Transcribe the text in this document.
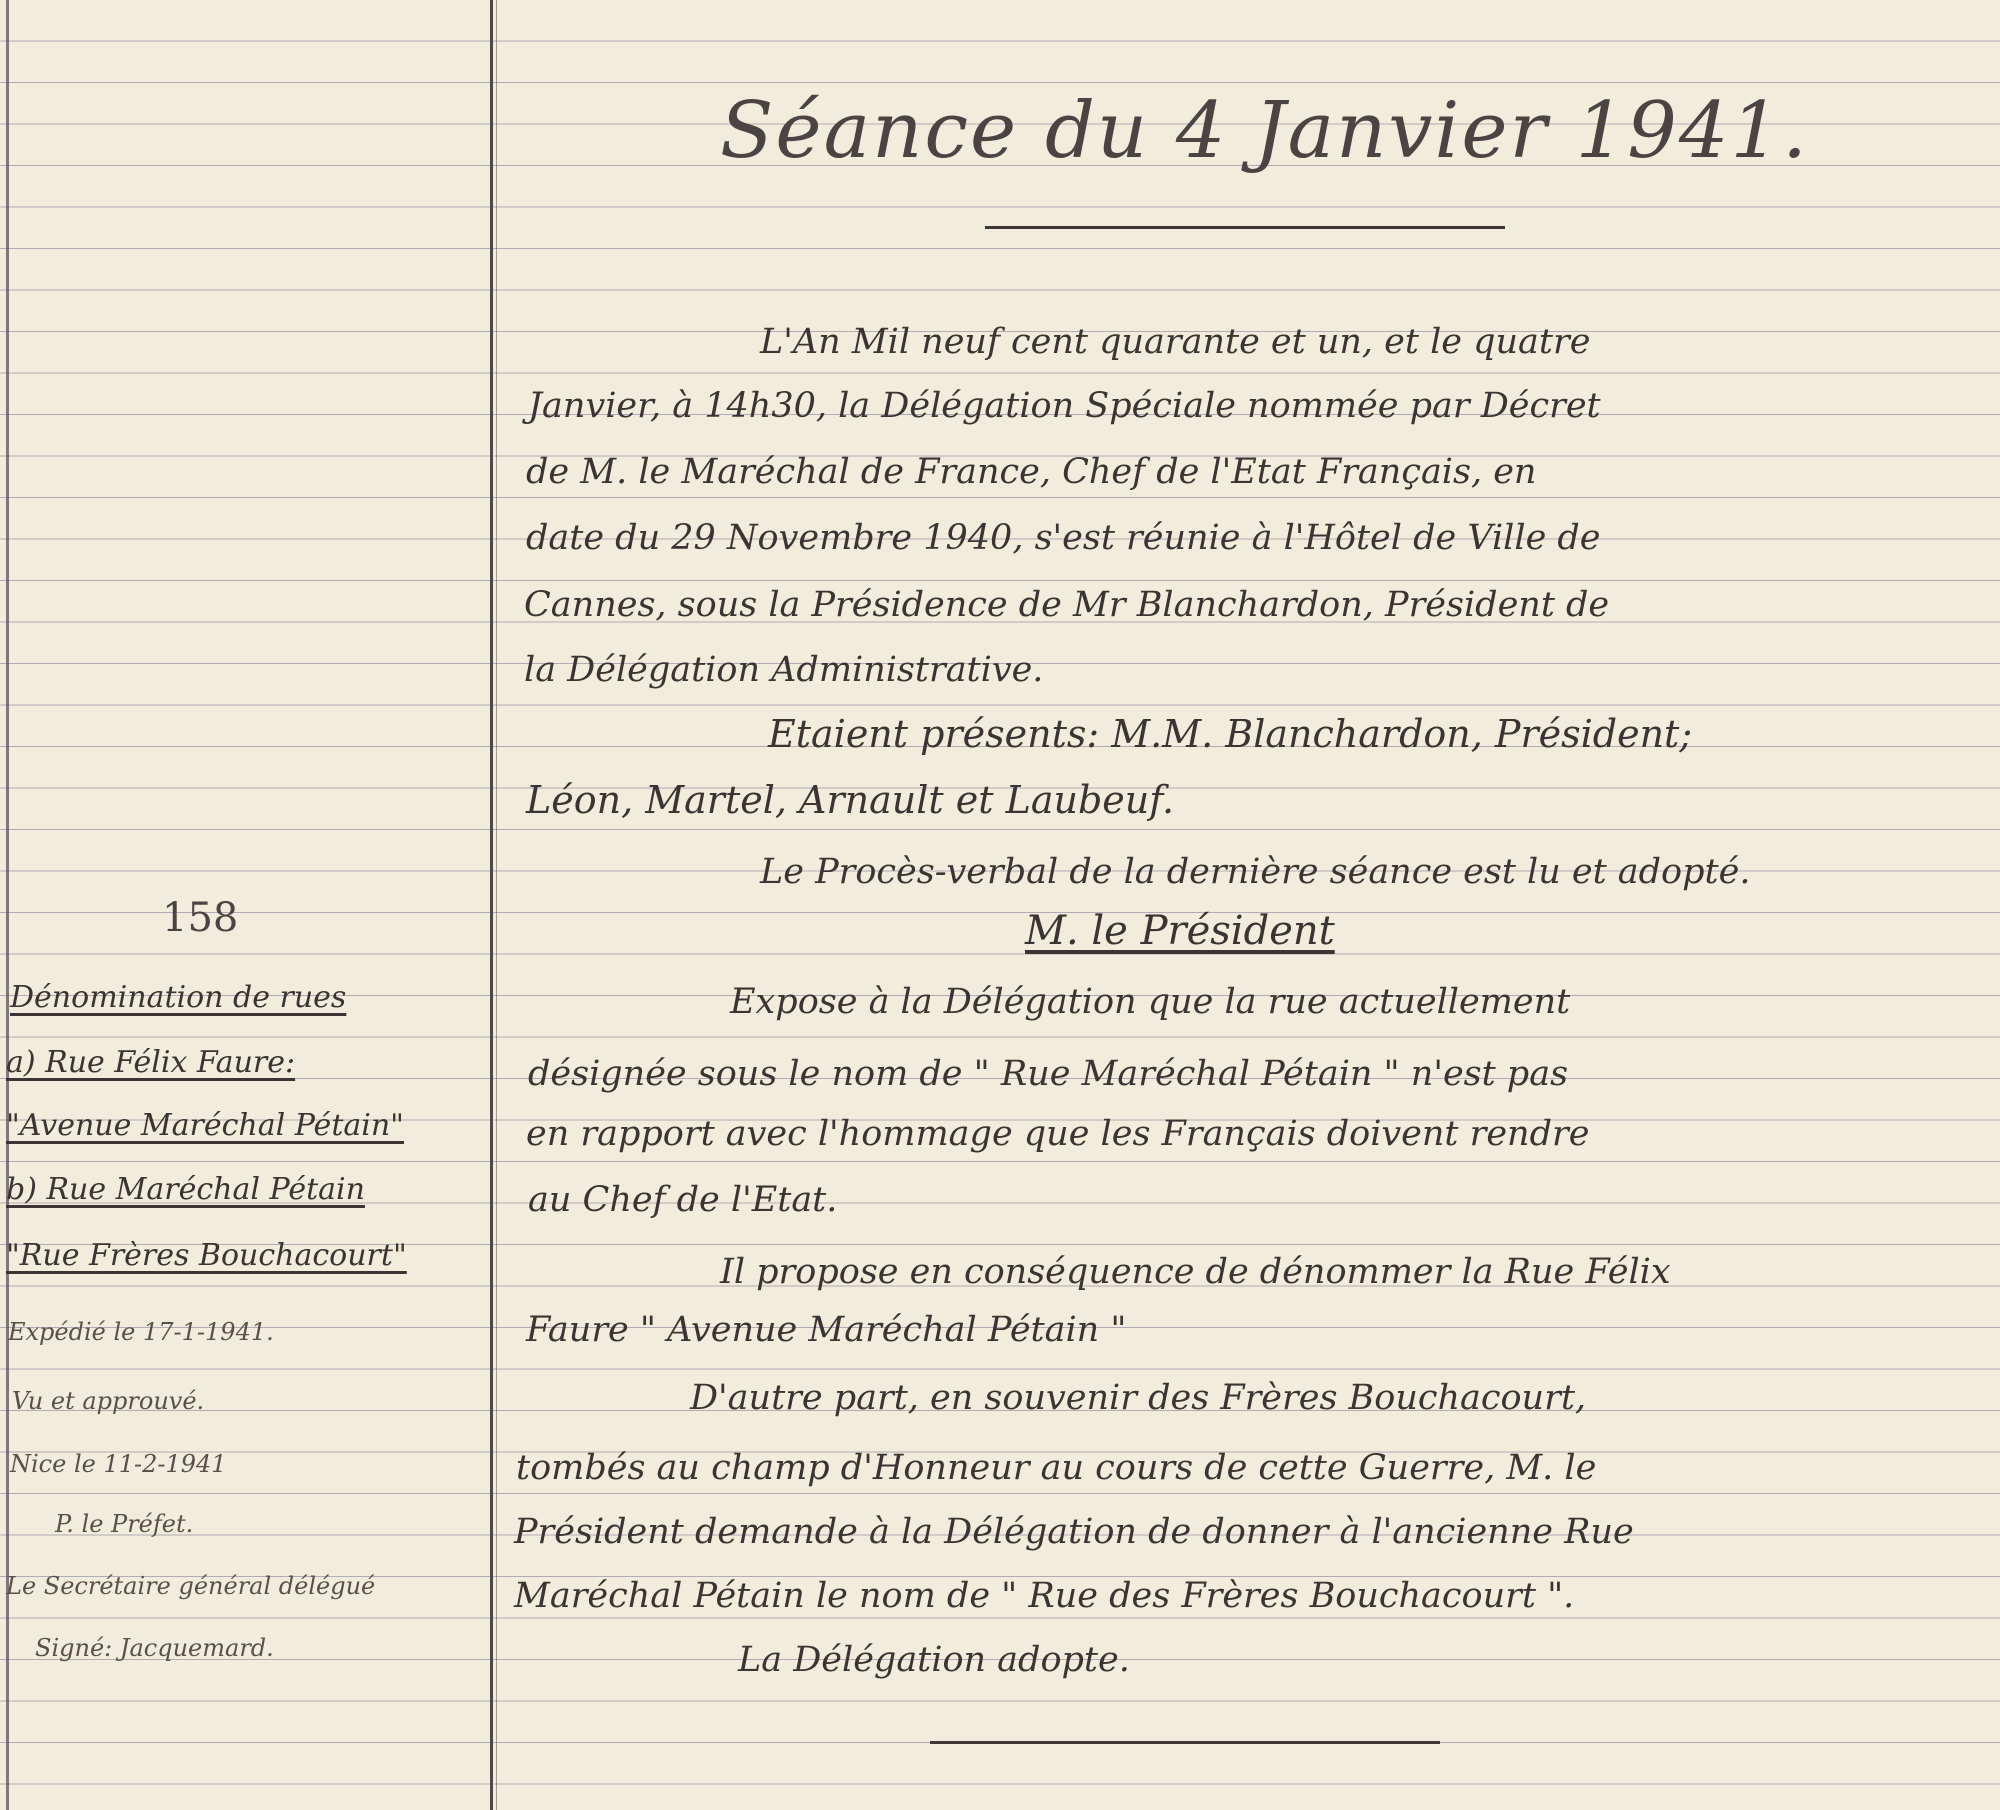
Séance du 4 Janvier 1941.
158
Dénomination de rues
a) Rue Félix Faure:
"Avenue Maréchal Pétain"
b) Rue Maréchal Pétain
"Rue Frères Bouchacourt"
Expédié le 17-1-1941.
Vu et approuvé.
Nice le 11-2-1941
P. le Préfet.
Le Secrétaire général délégué
Signé: Jacquemard.
L'An Mil neuf cent quarante et un, et le quatre
Janvier, à 14h30, la Délégation Spéciale nommée par Décret
de M. le Maréchal de France, Chef de l'Etat Français, en
date du 29 Novembre 1940, s'est réunie à l'Hôtel de Ville de
Cannes, sous la Présidence de Mr Blanchardon, Président de
la Délégation Administrative.
Etaient présents: M.M. Blanchardon, Président;
Léon, Martel, Arnault et Laubeuf.
Le Procès-verbal de la dernière séance est lu et adopté.
M. le Président
Expose à la Délégation que la rue actuellement
désignée sous le nom de " Rue Maréchal Pétain " n'est pas
en rapport avec l'hommage que les Français doivent rendre
au Chef de l'Etat.
Il propose en conséquence de dénommer la Rue Félix
Faure " Avenue Maréchal Pétain "
D'autre part, en souvenir des Frères Bouchacourt,
tombés au champ d'Honneur au cours de cette Guerre, M. le
Président demande à la Délégation de donner à l'ancienne Rue
Maréchal Pétain le nom de " Rue des Frères Bouchacourt ".
La Délégation adopte.
